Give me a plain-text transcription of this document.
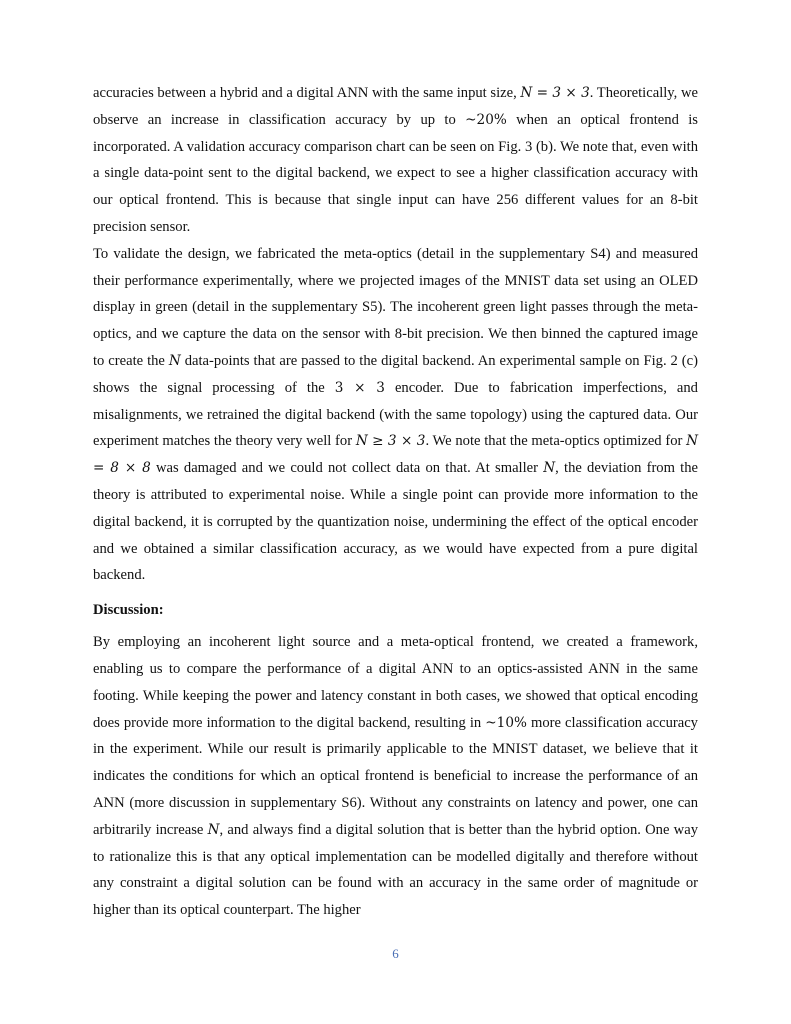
accuracies between a hybrid and a digital ANN with the same input size, N = 3 × 3. Theoretically, we observe an increase in classification accuracy by up to ~20% when an optical frontend is incorporated. A validation accuracy comparison chart can be seen on Fig. 3 (b). We note that, even with a single data-point sent to the digital backend, we expect to see a higher classification accuracy with our optical frontend. This is because that single input can have 256 different values for an 8-bit precision sensor.

To validate the design, we fabricated the meta-optics (detail in the supplementary S4) and measured their performance experimentally, where we projected images of the MNIST data set using an OLED display in green (detail in the supplementary S5). The incoherent green light passes through the meta-optics, and we capture the data on the sensor with 8-bit precision. We then binned the captured image to create the N data-points that are passed to the digital backend. An experimental sample on Fig. 2 (c) shows the signal processing of the 3 × 3 encoder. Due to fabrication imperfections, and misalignments, we retrained the digital backend (with the same topology) using the captured data. Our experiment matches the theory very well for N ≥ 3 × 3. We note that the meta-optics optimized for N = 8 × 8 was damaged and we could not collect data on that. At smaller N, the deviation from the theory is attributed to experimental noise. While a single point can provide more information to the digital backend, it is corrupted by the quantization noise, undermining the effect of the optical encoder and we obtained a similar classification accuracy, as we would have expected from a pure digital backend.

Discussion:

By employing an incoherent light source and a meta-optical frontend, we created a framework, enabling us to compare the performance of a digital ANN to an optics-assisted ANN in the same footing. While keeping the power and latency constant in both cases, we showed that optical encoding does provide more information to the digital backend, resulting in ~10% more classification accuracy in the experiment. While our result is primarily applicable to the MNIST dataset, we believe that it indicates the conditions for which an optical frontend is beneficial to increase the performance of an ANN (more discussion in supplementary S6). Without any constraints on latency and power, one can arbitrarily increase N, and always find a digital solution that is better than the hybrid option. One way to rationalize this is that any optical implementation can be modelled digitally and therefore without any constraint a digital solution can be found with an accuracy in the same order of magnitude or higher than its optical counterpart. The higher

6
